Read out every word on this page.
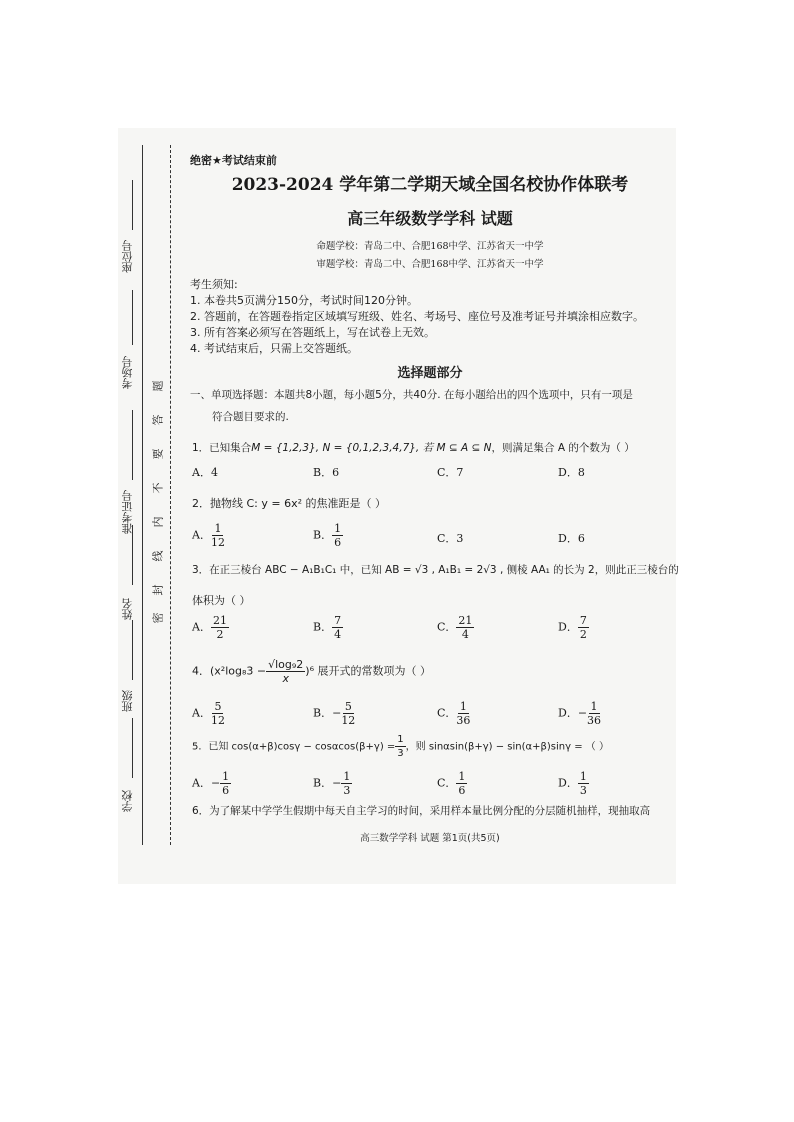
学校
班级
姓名
准考证号
考场号
座位号
密
封
线
内
不
要
答
题
绝密★考试结束前
2023-2024 学年第二学期天域全国名校协作体联考
高三年级数学学科 试题
命题学校：青岛二中、合肥168中学、江苏省天一中学
审题学校：青岛二中、合肥168中学、江苏省天一中学
考生须知:
1. 本卷共5页满分150分，考试时间120分钟。
2. 答题前，在答题卷指定区域填写班级、姓名、考场号、座位号及准考证号并填涂相应数字。
3. 所有答案必须写在答题纸上，写在试卷上无效。
4. 考试结束后，只需上交答题纸。
选择题部分
一、单项选择题：本题共8小题，每小题5分，共40分. 在每小题给出的四个选项中，只有一项是
符合题目要求的.
1．已知集合M = {1,2,3}, N = {0,1,2,3,4,7}, 若 M ⊆ A ⊆ N，则满足集合 A 的个数为（ ）
A．4	B．6	C．7	D．8
2．抛物线 C: y = 6x² 的焦准距是（ ）
A． $\frac{1}{12}$	B． $\frac{1}{6}$	C．3	D．6
3．在正三棱台 ABC − A₁B₁C₁ 中，已知 AB = √3 , A₁B₁ = 2√3 , 侧棱 AA₁ 的长为 2，则此正三棱台的
体积为（ ）
A． $\frac{21}{2}$	B． $\frac{7}{4}$	C． $\frac{21}{4}$	D． $\frac{7}{2}$
4．$(x^2\log_83 - \frac{\text{√log₉2}}{x} )^6$ 展开式的常数项为（ ）
A． $\frac{5}{12}$	B．− $\frac{5}{12}$	C． $\frac{1}{36}$	D．− $\frac{1}{36}$
5．已知 $\cos(\alpha+\beta)\cos\gamma - \cos\alpha\cos(\beta+\gamma) = \frac{1}{3}$ ，则 sinαsin(β+γ) − sin(α+β)sinγ = （ ）
A．− $\frac{1}{6}$	B．− $\frac{1}{3}$	C． $\frac{1}{6}$	D． $\frac{1}{3}$
6．为了解某中学学生假期中每天自主学习的时间，采用样本量比例分配的分层随机抽样，现抽取高
高三数学学科 试题 第1页(共5页)
